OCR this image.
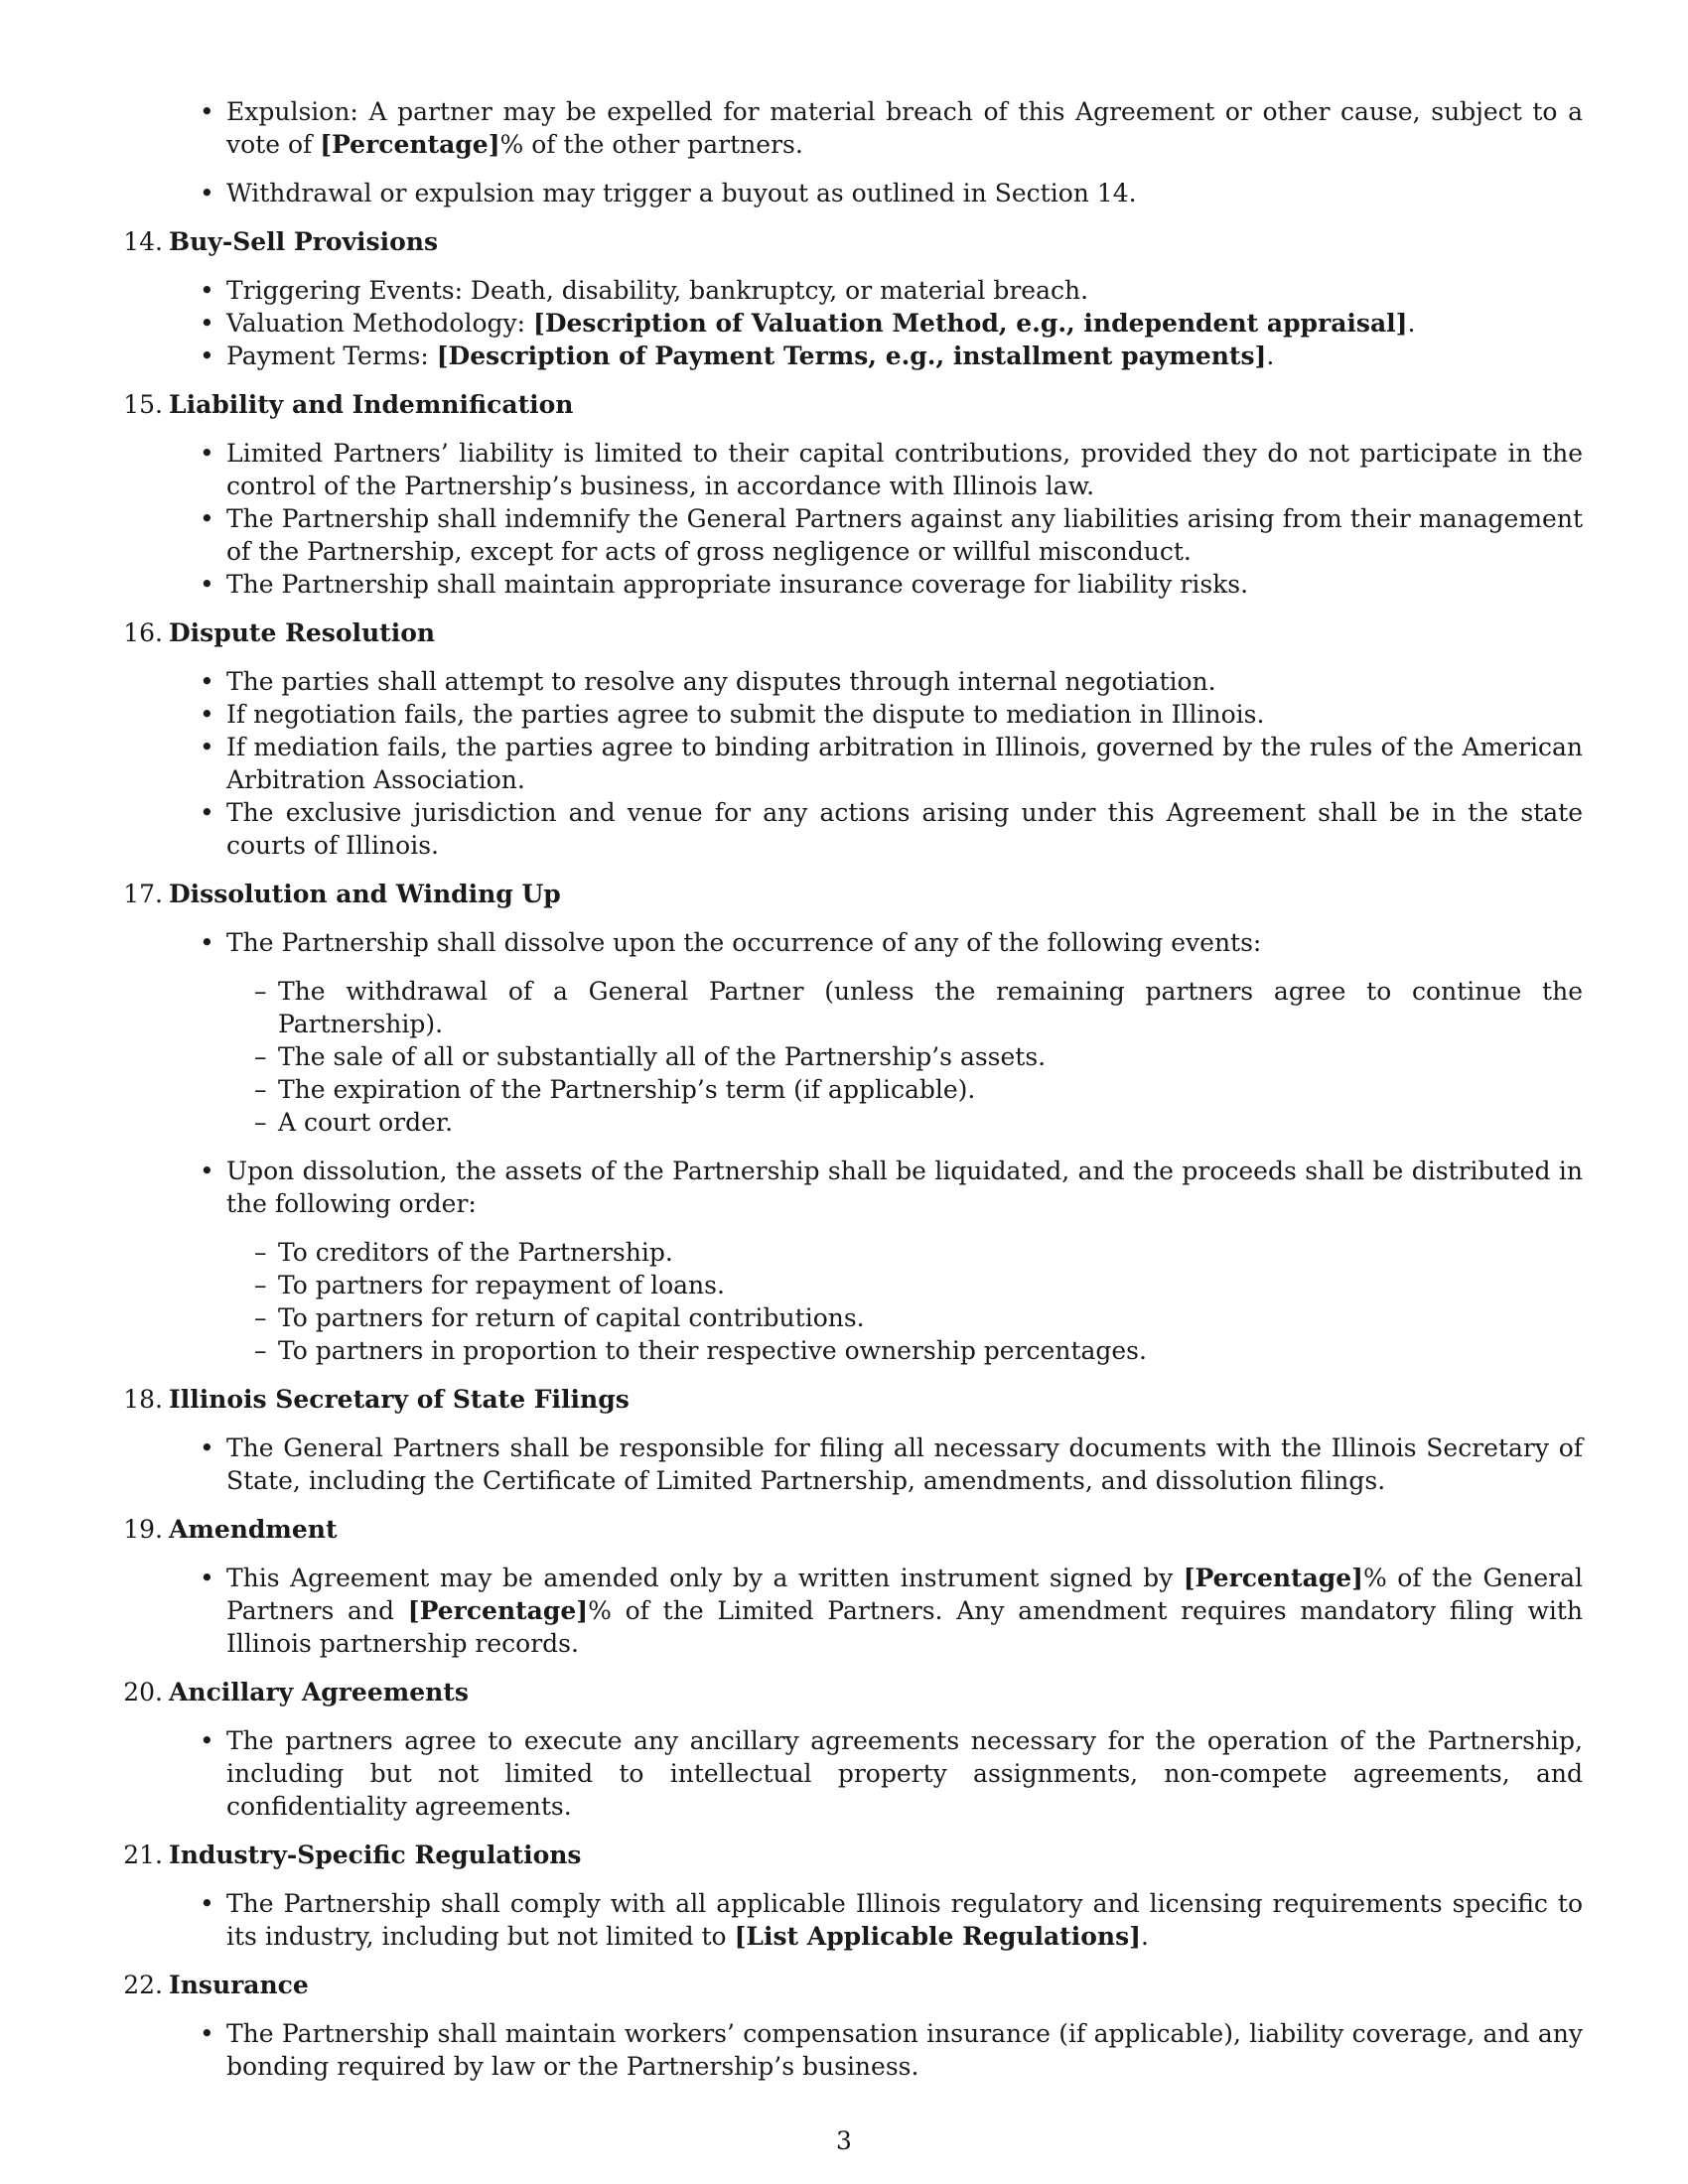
• Expulsion: A partner may be expelled for material breach of this Agreement or other cause, subject to a vote of [Percentage]% of the other partners.
• Withdrawal or expulsion may trigger a buyout as outlined in Section 14.
14. Buy-Sell Provisions
• Triggering Events: Death, disability, bankruptcy, or material breach.
• Valuation Methodology: [Description of Valuation Method, e.g., independent appraisal].
• Payment Terms: [Description of Payment Terms, e.g., installment payments].
15. Liability and Indemnification
• Limited Partners’ liability is limited to their capital contributions, provided they do not participate in the control of the Partnership’s business, in accordance with Illinois law.
• The Partnership shall indemnify the General Partners against any liabilities arising from their management of the Partnership, except for acts of gross negligence or willful misconduct.
• The Partnership shall maintain appropriate insurance coverage for liability risks.
16. Dispute Resolution
• The parties shall attempt to resolve any disputes through internal negotiation.
• If negotiation fails, the parties agree to submit the dispute to mediation in Illinois.
• If mediation fails, the parties agree to binding arbitration in Illinois, governed by the rules of the American Arbitration Association.
• The exclusive jurisdiction and venue for any actions arising under this Agreement shall be in the state courts of Illinois.
17. Dissolution and Winding Up
• The Partnership shall dissolve upon the occurrence of any of the following events:
– The withdrawal of a General Partner (unless the remaining partners agree to continue the Partnership).
– The sale of all or substantially all of the Partnership’s assets.
– The expiration of the Partnership’s term (if applicable).
– A court order.
• Upon dissolution, the assets of the Partnership shall be liquidated, and the proceeds shall be distributed in the following order:
– To creditors of the Partnership.
– To partners for repayment of loans.
– To partners for return of capital contributions.
– To partners in proportion to their respective ownership percentages.
18. Illinois Secretary of State Filings
• The General Partners shall be responsible for filing all necessary documents with the Illinois Secretary of State, including the Certificate of Limited Partnership, amendments, and dissolution filings.
19. Amendment
• This Agreement may be amended only by a written instrument signed by [Percentage]% of the General Partners and [Percentage]% of the Limited Partners. Any amendment requires mandatory filing with Illinois partnership records.
20. Ancillary Agreements
• The partners agree to execute any ancillary agreements necessary for the operation of the Partnership, including but not limited to intellectual property assignments, non-compete agreements, and confidentiality agreements.
21. Industry-Specific Regulations
• The Partnership shall comply with all applicable Illinois regulatory and licensing requirements specific to its industry, including but not limited to [List Applicable Regulations].
22. Insurance
• The Partnership shall maintain workers’ compensation insurance (if applicable), liability coverage, and any bonding required by law or the Partnership’s business.
3
